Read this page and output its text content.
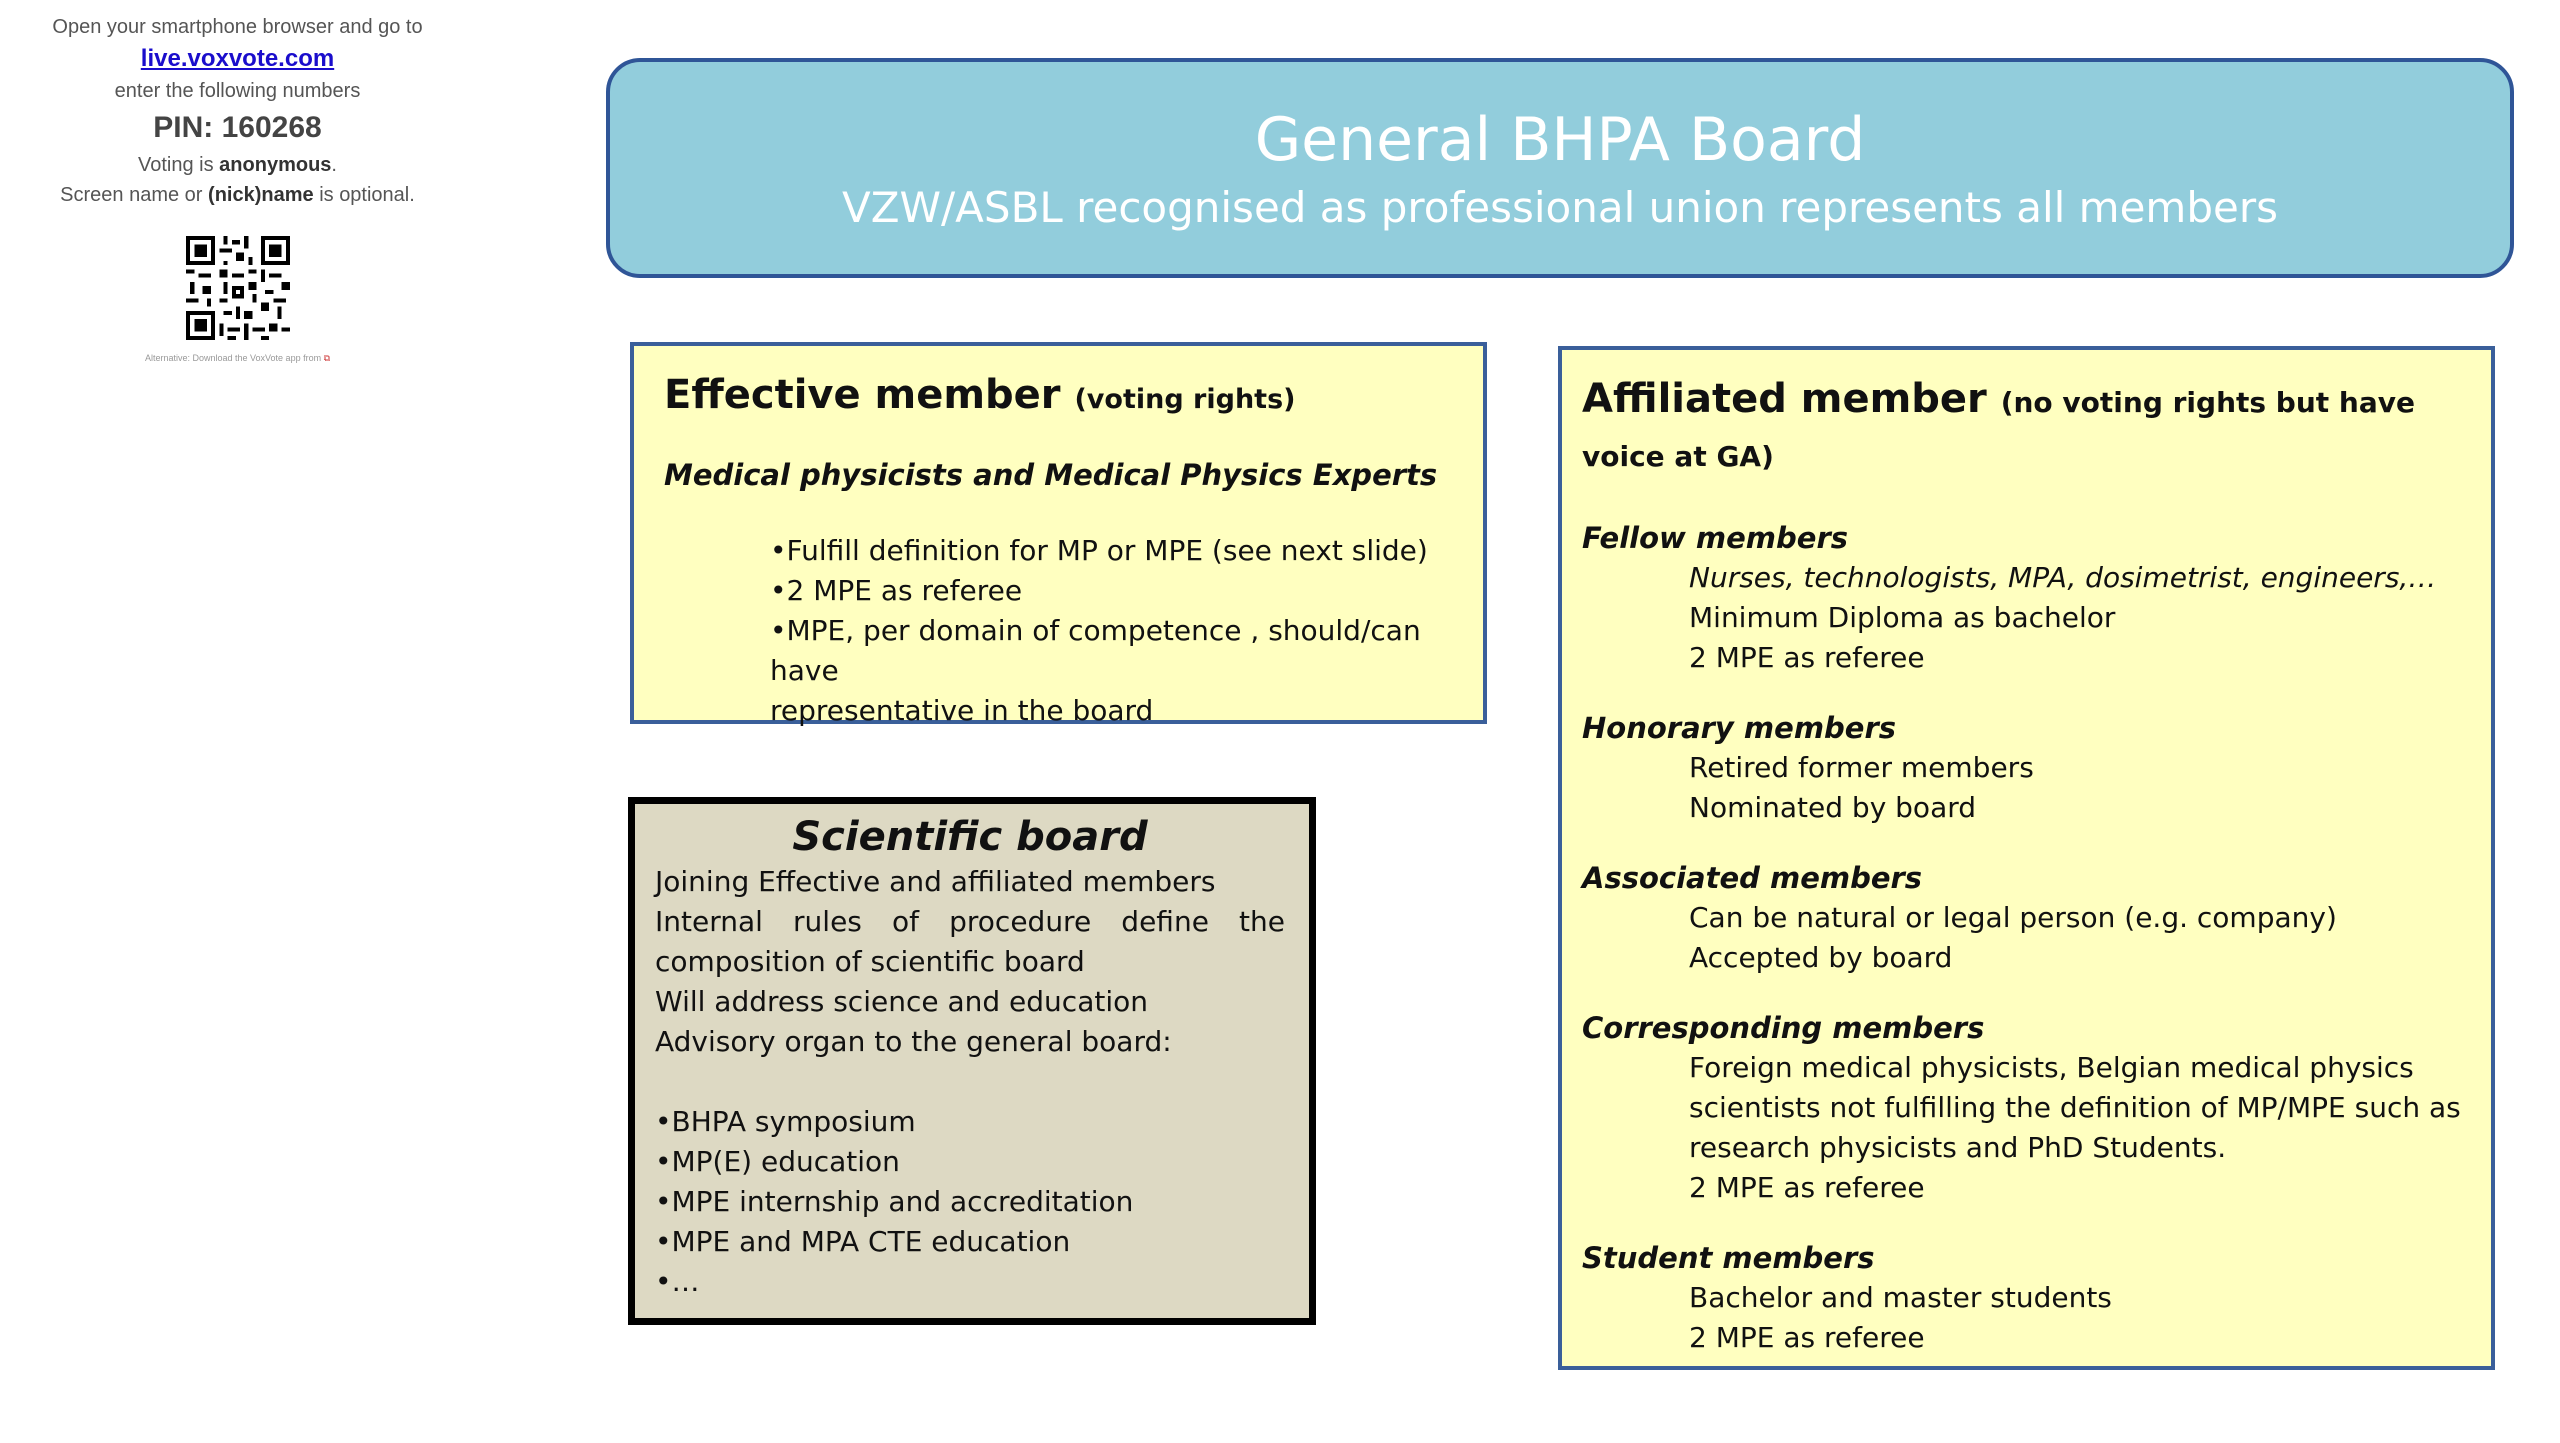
Open your smartphone browser and go to
live.voxvote.com
enter the following numbers
PIN: 160268
Voting is anonymous.
Screen name or (nick)name is optional.
Alternative: Download the VoxVote app from ⧉
General BHPA Board
VZW/ASBL recognised as professional union represents all members
Effective member (voting rights)
Medical physicists and Medical Physics Experts
•Fulfill definition for MP or MPE (see next slide)
•2 MPE as referee
•MPE, per domain of competence , should/can have
representative in the board
Affiliated member (no voting rights but have voice at GA)
Fellow members
Nurses, technologists, MPA, dosimetrist, engineers,…
Minimum Diploma as bachelor
2 MPE as referee
Honorary members
Retired former members
Nominated by board
Associated members
Can be natural or legal person (e.g. company)
Accepted by board
Corresponding members
Foreign medical physicists, Belgian medical physics
scientists not fulfilling the definition of MP/MPE such as
research physicists and PhD Students.
2 MPE as referee
Student members
Bachelor and master students
2 MPE as referee
Scientific board
Joining Effective and affiliated members
Internal rules of procedure define the
composition of scientific board
Will address science and education
Advisory organ to the general board:
•BHPA symposium
•MP(E) education
•MPE internship and accreditation
•MPE and MPA CTE education
•…
